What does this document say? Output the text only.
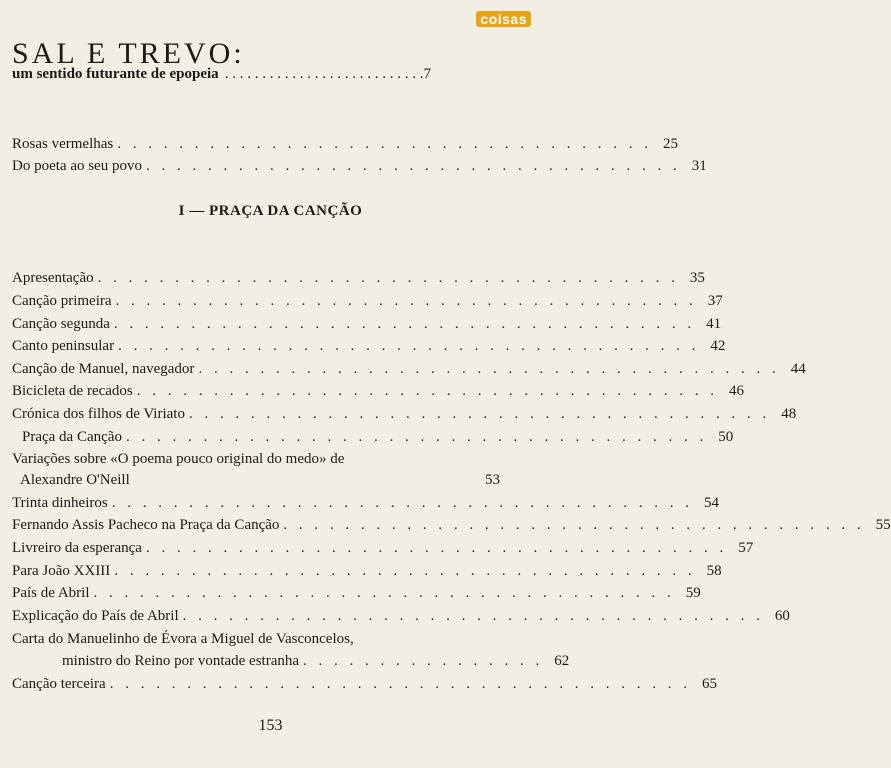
coisas
SAL E TREVO:
um sentido futurante de epopeia . . . . . . . . . . . . . . . . . . . . . . . . . . . 7
Rosas vermelhas . . . . . . . . . . . . . . . . . . . . . . . . . . . . . . . . . . . 25
Do poeta ao seu povo . . . . . . . . . . . . . . . . . . . . . . . . . . . . . . . . . . . 31
I — PRAÇA DA CANÇÃO
Apresentação . . . . . . . . . . . . . . . . . . . . . . . . . . . . . . . . . . . . . . 35
Canção primeira . . . . . . . . . . . . . . . . . . . . . . . . . . . . . . . . . . . . . . 37
Canção segunda . . . . . . . . . . . . . . . . . . . . . . . . . . . . . . . . . . . . . . 41
Canto peninsular . . . . . . . . . . . . . . . . . . . . . . . . . . . . . . . . . . . . . . 42
Canção de Manuel, navegador . . . . . . . . . . . . . . . . . . . . . . . . . . . . . . . . . . . . . . 44
Bicicleta de recados . . . . . . . . . . . . . . . . . . . . . . . . . . . . . . . . . . . . . . 46
Crónica dos filhos de Viriato . . . . . . . . . . . . . . . . . . . . . . . . . . . . . . . . . . . . . . 48
Praça da Canção . . . . . . . . . . . . . . . . . . . . . . . . . . . . . . . . . . . . . . 50
Variações sobre «O poema pouco original do medo» de
Alexandre O'Neill	53
Trinta dinheiros . . . . . . . . . . . . . . . . . . . . . . . . . . . . . . . . . . . . . . 54
Fernando Assis Pacheco na Praça da Canção . . . . . . . . . . . . . . . . . . . . . . . . . . . . . . . . . . . . . . 55
Livreiro da esperança . . . . . . . . . . . . . . . . . . . . . . . . . . . . . . . . . . . . . . 57
Para João XXIII . . . . . . . . . . . . . . . . . . . . . . . . . . . . . . . . . . . . . . 58
País de Abril . . . . . . . . . . . . . . . . . . . . . . . . . . . . . . . . . . . . . . 59
Explicação do País de Abril . . . . . . . . . . . . . . . . . . . . . . . . . . . . . . . . . . . . . . 60
Carta do Manuelinho de Évora a Miguel de Vasconcelos,
ministro do Reino por vontade estranha . . . . . . . . . . . . . . . . 62
Canção terceira . . . . . . . . . . . . . . . . . . . . . . . . . . . . . . . . . . . . . . 65
153
